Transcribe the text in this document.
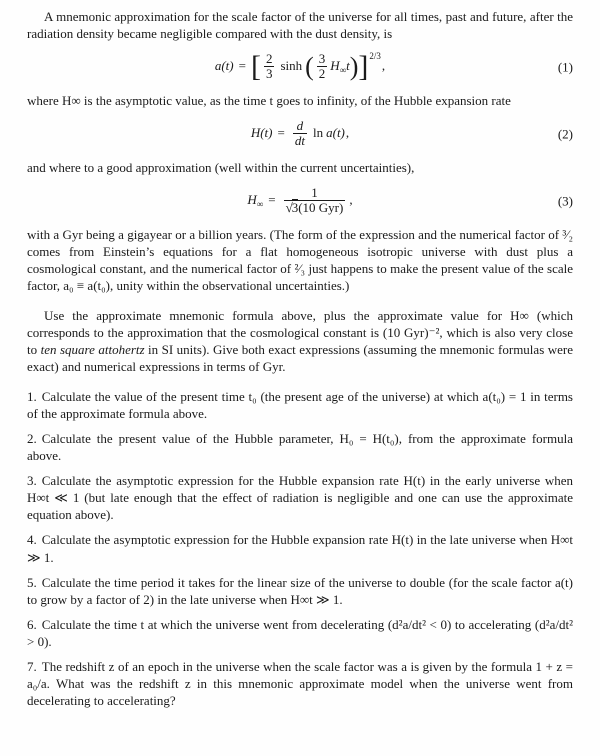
A mnemonic approximation for the scale factor of the universe for all times, past and future, after the radiation density became negligible compared with the dust density, is

a(t) = [ $\frac{2}{3}$ sinh ( $\frac{3}{2} H_\infty t)]^{2/3}$,	(1)

where H∞ is the asymptotic value, as the time t goes to infinity, of the Hubble expansion rate

$H(t) = \frac{d}{dt}$ ln a(t),	(2)

and where to a good approximation (well within the current uncertainties),

$H_\infty = \frac{1}{\text{√3(10 Gyr)}}$ ,	(3)

with a Gyr being a gigayear or a billion years. (The form of the expression and the numerical factor of ³⁄₂ comes from Einstein’s equations for a flat homogeneous isotropic universe with dust plus a cosmological constant, and the numerical factor of ²⁄₃ just happens to make the present value of the scale factor, a₀ ≡ a(t₀), unity within the observational uncertainties.)

Use the approximate mnemonic formula above, plus the approximate value for H∞ (which corresponds to the approximation that the cosmological constant is (10 Gyr)⁻², which is also very close to ten square attohertz in SI units). Give both exact expressions (assuming the mnemonic formulas were exact) and numerical expressions in terms of Gyr.

1. Calculate the value of the present time t₀ (the present age of the universe) at which a(t₀) = 1 in terms of the approximate formula above.

2. Calculate the present value of the Hubble parameter, H₀ = H(t₀), from the approximate formula above.

3. Calculate the asymptotic expression for the Hubble expansion rate H(t) in the early universe when H∞t ≪ 1 (but late enough that the effect of radiation is negligible and one can use the approximate equation above).

4. Calculate the asymptotic expression for the Hubble expansion rate H(t) in the late universe when H∞t ≫ 1.

5. Calculate the time period it takes for the linear size of the universe to double (for the scale factor a(t) to grow by a factor of 2) in the late universe when H∞t ≫ 1.

6. Calculate the time t at which the universe went from decelerating (d²a/dt² < 0) to accelerating (d²a/dt² > 0).

7. The redshift z of an epoch in the universe when the scale factor was a is given by the formula 1 + z = a₀/a. What was the redshift z in this mnemonic approximate model when the universe went from decelerating to accelerating?
